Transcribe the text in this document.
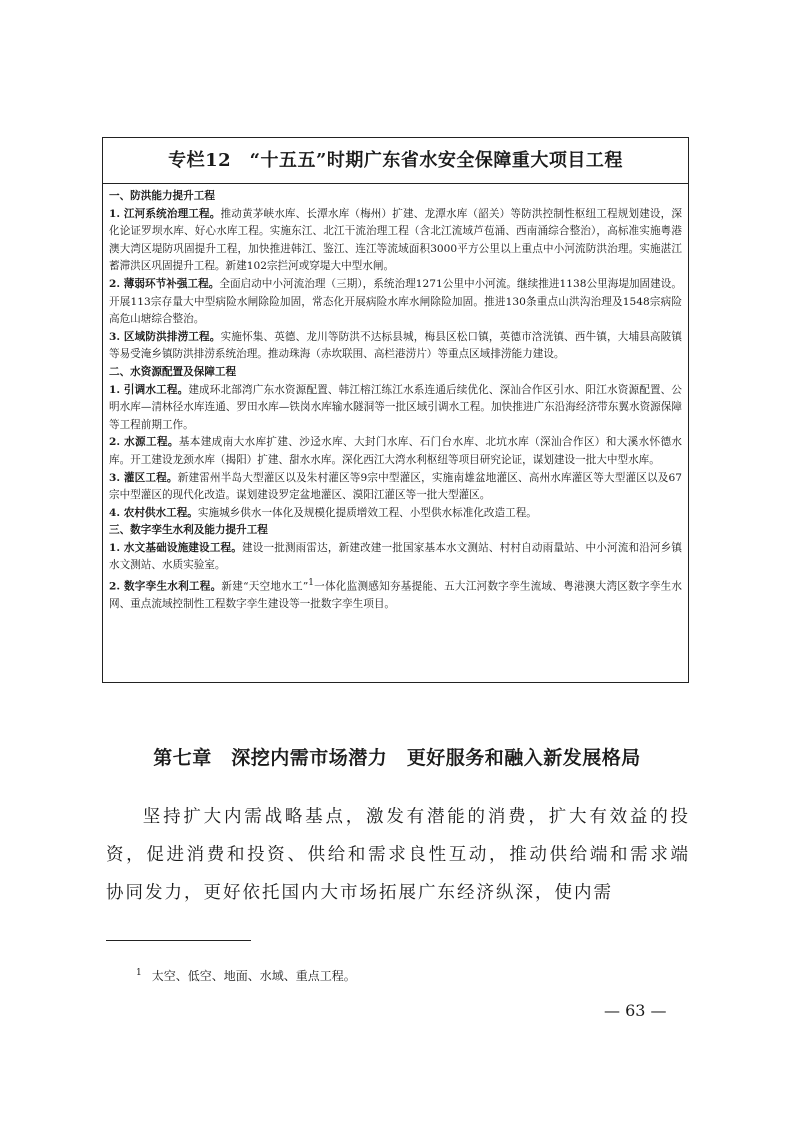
专栏12　“十五五”时期广东省水安全保障重大项目工程
一、防洪能力提升工程
1. 江河系统治理工程。推动黄茅峡水库、长潭水库（梅州）扩建、龙潭水库（韶关）等防洪控制性枢纽工程规划建设，深化论证罗坝水库、好心水库工程。实施东江、北江干流治理工程（含北江流域芦苞涌、西南涌综合整治），高标准实施粤港澳大湾区堤防巩固提升工程，加快推进韩江、鉴江、连江等流域面积3000平方公里以上重点中小河流防洪治理。实施湛江蓄滞洪区巩固提升工程。新建102宗拦河或穿堤大中型水闸。
2. 薄弱环节补强工程。全面启动中小河流治理（三期），系统治理1271公里中小河流。继续推进1138公里海堤加固建设。开展113宗存量大中型病险水闸除险加固，常态化开展病险水库水闸除险加固。推进130条重点山洪沟治理及1548宗病险高危山塘综合整治。
3. 区域防洪排涝工程。实施怀集、英德、龙川等防洪不达标县城，梅县区松口镇，英德市浛洸镇、西牛镇，大埔县高陂镇等易受淹乡镇防洪排涝系统治理。推动珠海（赤坎联围、高栏港涝片）等重点区域排涝能力建设。
二、水资源配置及保障工程
1. 引调水工程。建成环北部湾广东水资源配置、韩江榕江练江水系连通后续优化、深汕合作区引水、阳江水资源配置、公明水库—清林径水库连通、罗田水库—铁岗水库输水隧洞等一批区域引调水工程。加快推进广东沿海经济带东翼水资源保障等工程前期工作。
2. 水源工程。基本建成南大水库扩建、沙迳水库、大封门水库、石门台水库、北坑水库（深汕合作区）和大溪水怀德水库。开工建设龙颈水库（揭阳）扩建、甜水水库。深化西江大湾水利枢纽等项目研究论证，谋划建设一批大中型水库。
3. 灌区工程。新建雷州半岛大型灌区以及朱村灌区等9宗中型灌区，实施南雄盆地灌区、高州水库灌区等大型灌区以及67宗中型灌区的现代化改造。谋划建设罗定盆地灌区、漠阳江灌区等一批大型灌区。
4. 农村供水工程。实施城乡供水一体化及规模化提质增效工程、小型供水标准化改造工程。
三、数字孪生水利及能力提升工程
1. 水文基础设施建设工程。建设一批测雨雷达，新建改建一批国家基本水文测站、村村自动雨量站、中小河流和沿河乡镇水文测站、水质实验室。
2. 数字孪生水利工程。新建“天空地水工”$^1$一体化监测感知夯基提能、五大江河数字孪生流域、粤港澳大湾区数字孪生水网、重点流域控制性工程数字孪生建设等一批数字孪生项目。
第七章　深挖内需市场潜力　更好服务和融入新发展格局
坚持扩大内需战略基点，激发有潜能的消费，扩大有效益的投资，促进消费和投资、供给和需求良性互动，推动供给端和需求端协同发力，更好依托国内大市场拓展广东经济纵深，使内需
$^1$ 太空、低空、地面、水域、重点工程。
— 63 —
